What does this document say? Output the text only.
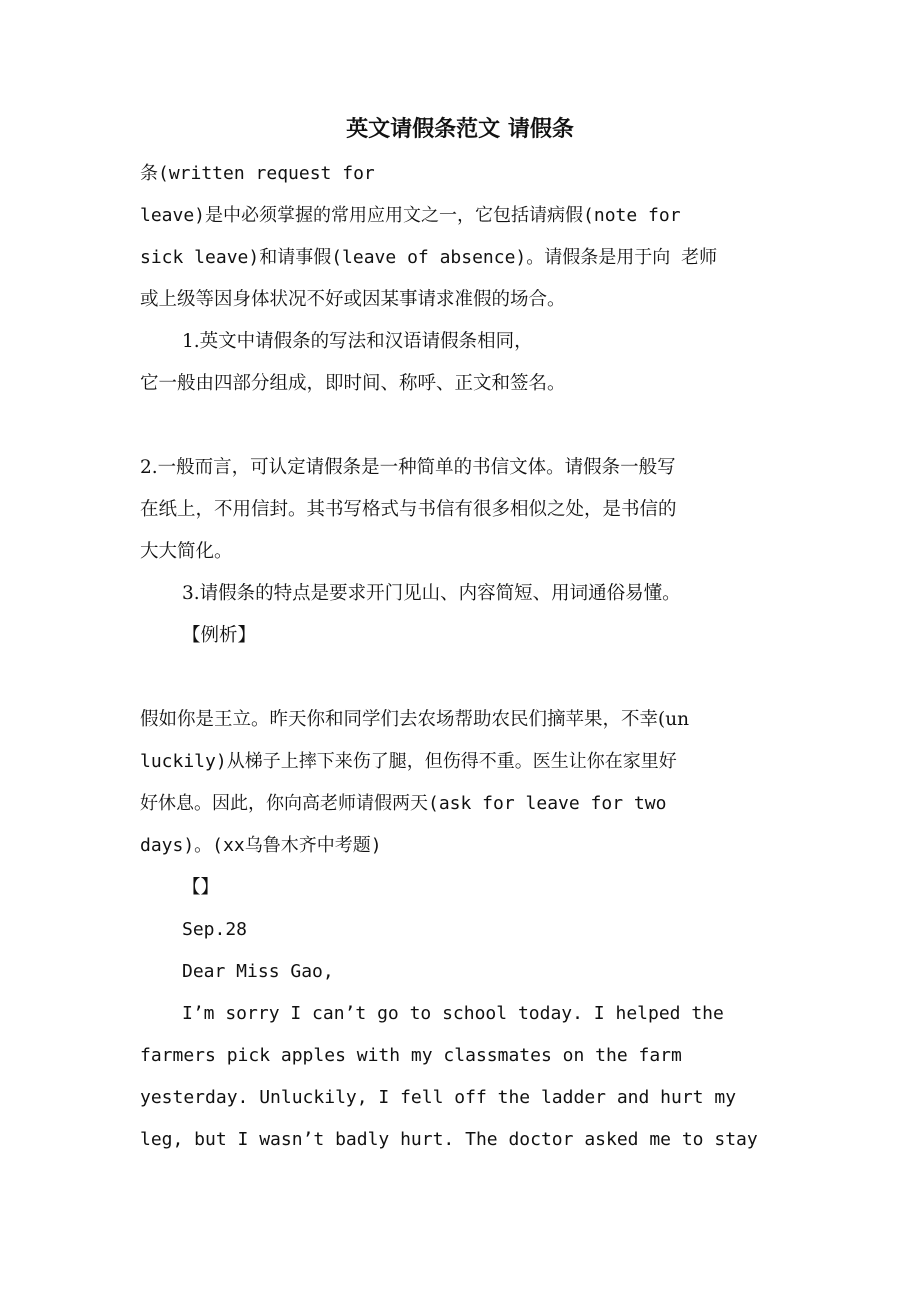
英文请假条范文 请假条
条(written request for
leave)是中必须掌握的常用应用文之一，它包括请病假(note for
sick leave)和请事假(leave of absence)。请假条是用于向 老师
或上级等因身体状况不好或因某事请求准假的场合。
1.英文中请假条的写法和汉语请假条相同，
它一般由四部分组成，即时间、称呼、正文和签名。
2.一般而言，可认定请假条是一种简单的书信文体。请假条一般写
在纸上，不用信封。其书写格式与书信有很多相似之处，是书信的
大大简化。
3.请假条的特点是要求开门见山、内容简短、用词通俗易懂。
【例析】
假如你是王立。昨天你和同学们去农场帮助农民们摘苹果，不幸(un
luckily)从梯子上摔下来伤了腿，但伤得不重。医生让你在家里好
好休息。因此，你向高老师请假两天(ask for leave for two
days)。(xx乌鲁木齐中考题)
【】
Sep.28
Dear Miss Gao,
I’m sorry I can’t go to school today. I helped the
farmers pick apples with my classmates on the farm
yesterday. Unluckily, I fell off the ladder and hurt my
leg, but I wasn’t badly hurt. The doctor asked me to stay
